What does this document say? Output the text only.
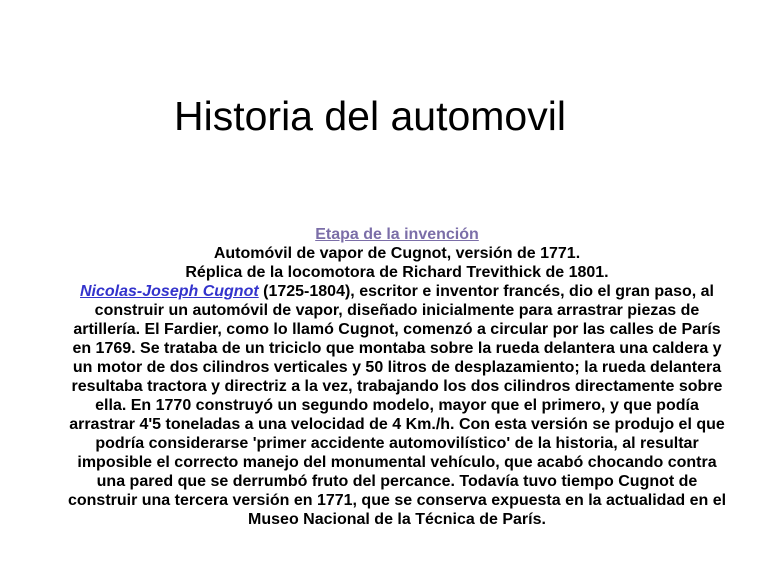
Historia del automovil

Etapa de la invención

Automóvil de vapor de Cugnot, versión de 1771.

Réplica de la locomotora de Richard Trevithick de 1801.

Nicolas-Joseph Cugnot (1725-1804), escritor e inventor francés, dio el gran paso, al construir un automóvil de vapor, diseñado inicialmente para arrastrar piezas de artillería. El Fardier, como lo llamó Cugnot, comenzó a circular por las calles de París en 1769. Se trataba de un triciclo que montaba sobre la rueda delantera una caldera y un motor de dos cilindros verticales y 50 litros de desplazamiento; la rueda delantera resultaba tractora y directriz a la vez, trabajando los dos cilindros directamente sobre ella. En 1770 construyó un segundo modelo, mayor que el primero, y que podía arrastrar 4'5 toneladas a una velocidad de 4 Km./h. Con esta versión se produjo el que podría considerarse 'primer accidente automovilístico' de la historia, al resultar imposible el correcto manejo del monumental vehículo, que acabó chocando contra una pared que se derrumbó fruto del percance. Todavía tuvo tiempo Cugnot de construir una tercera versión en 1771, que se conserva expuesta en la actualidad en el Museo Nacional de la Técnica de París.
